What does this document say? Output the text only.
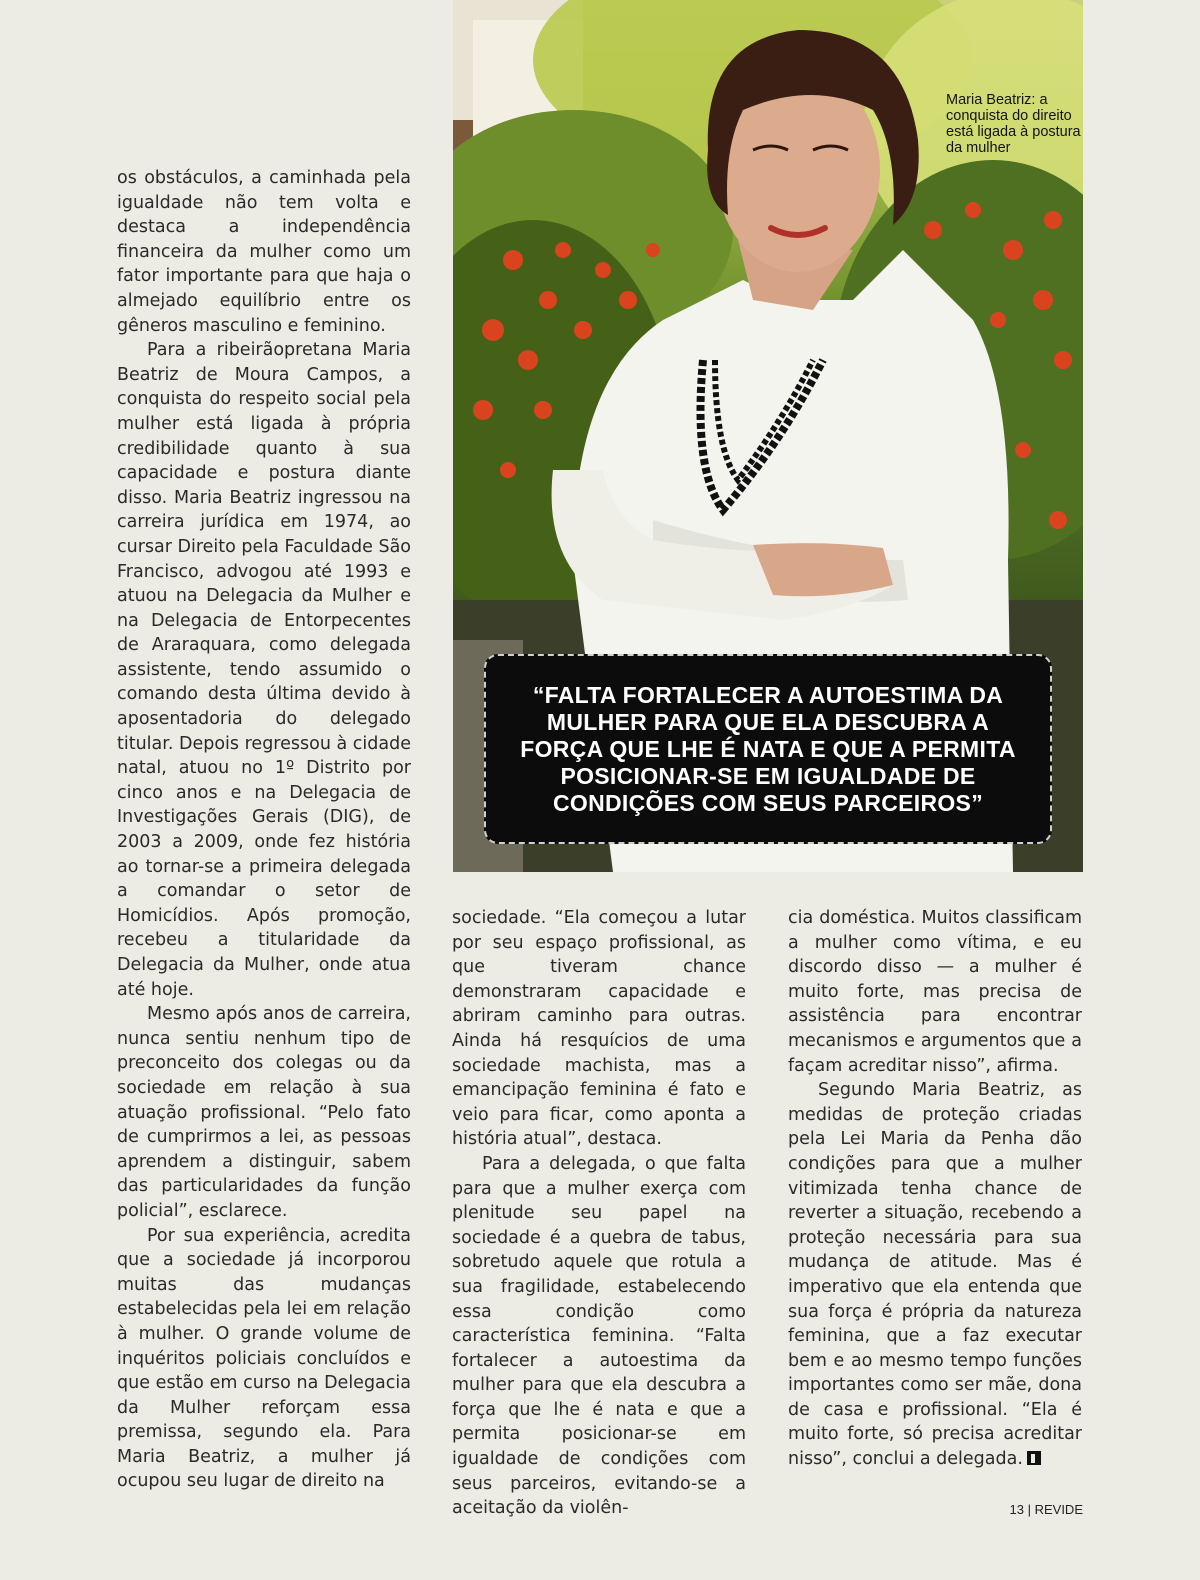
Maria Beatriz: a conquista do direito está ligada à postura da mulher
“FALTA FORTALECER A AUTOESTIMA DA MULHER PARA QUE ELA DESCUBRA A FORÇA QUE LHE É NATA E QUE A PERMITA POSICIONAR-SE EM IGUALDADE DE CONDIÇÕES COM SEUS PARCEIROS”

os obstáculos, a caminhada pela igualdade não tem volta e destaca a independência financeira da mulher como um fator importante para que haja o almejado equilíbrio entre os gêneros masculino e feminino.

Para a ribeirãopretana Maria Beatriz de Moura Campos, a conquista do respeito social pela mulher está ligada à própria credibilidade quanto à sua capacidade e postura diante disso. Maria Beatriz ingressou na carreira jurídica em 1974, ao cursar Direito pela Faculdade São Francisco, advogou até 1993 e atuou na Delegacia da Mulher e na Delegacia de Entorpecentes de Araraquara, como delegada assistente, tendo assumido o comando desta última devido à aposentadoria do delegado titular. Depois regressou à cidade natal, atuou no 1º Distrito por cinco anos e na Delegacia de Investigações Gerais (DIG), de 2003 a 2009, onde fez história ao tornar-se a primeira delegada a comandar o setor de Homicídios. Após promoção, recebeu a titularidade da Delegacia da Mulher, onde atua até hoje.

Mesmo após anos de carreira, nunca sentiu nenhum tipo de preconceito dos colegas ou da sociedade em relação à sua atuação profissional. “Pelo fato de cumprirmos a lei, as pessoas aprendem a distinguir, sabem das particularidades da função policial”, esclarece.

Por sua experiência, acredita que a sociedade já incorporou muitas das mudanças estabelecidas pela lei em relação à mulher. O grande volume de inquéritos policiais concluídos e que estão em curso na Delegacia da Mulher reforçam essa premissa, segundo ela. Para Maria Beatriz, a mulher já ocupou seu lugar de direito na

sociedade. “Ela começou a lutar por seu espaço profissional, as que tiveram chance demonstraram capacidade e abriram caminho para outras. Ainda há resquícios de uma sociedade machista, mas a emancipação feminina é fato e veio para ficar, como aponta a história atual”, destaca.

Para a delegada, o que falta para que a mulher exerça com plenitude seu papel na sociedade é a quebra de tabus, sobretudo aquele que rotula a sua fragilidade, estabelecendo essa condição como característica feminina. “Falta fortalecer a autoestima da mulher para que ela descubra a força que lhe é nata e que a permita posicionar-se em igualdade de condições com seus parceiros, evitando-se a aceitação da violên-

cia doméstica. Muitos classificam a mulher como vítima, e eu discordo disso — a mulher é muito forte, mas precisa de assistência para encontrar mecanismos e argumentos que a façam acreditar nisso”, afirma.

Segundo Maria Beatriz, as medidas de proteção criadas pela Lei Maria da Penha dão condições para que a mulher vitimizada tenha chance de reverter a situação, recebendo a proteção necessária para sua mudança de atitude. Mas é imperativo que ela entenda que sua força é própria da natureza feminina, que a faz executar bem e ao mesmo tempo funções importantes como ser mãe, dona de casa e profissional. “Ela é muito forte, só precisa acreditar nisso”, conclui a delegada.

13 | REVIDE
